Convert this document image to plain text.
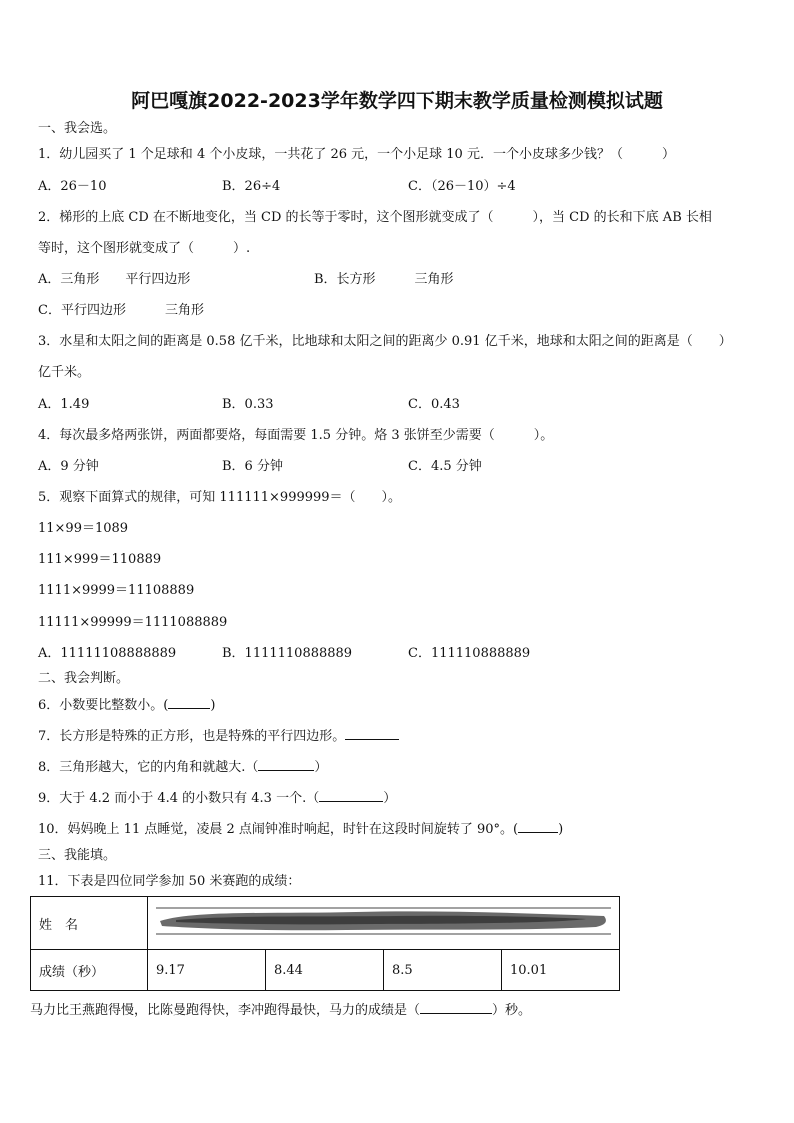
阿巴嘎旗2022-2023学年数学四下期末教学质量检测模拟试题
一、我会选。
1．幼儿园买了 1 个足球和 4 个小皮球，一共花了 26 元，一个小足球 10 元．一个小皮球多少钱？（　　　）
A．26－10	B．26÷4	C．（26－10）÷4
2．梯形的上底 CD 在不断地变化，当 CD 的长等于零时，这个图形就变成了（　　　），当 CD 的长和下底 AB 长相
等时，这个图形就变成了（　　　）.
A．三角形　　平行四边形	B．长方形　　　三角形
C．平行四边形　　　三角形
3．水星和太阳之间的距离是 0.58 亿千米，比地球和太阳之间的距离少 0.91 亿千米，地球和太阳之间的距离是（　　）
亿千米。
A．1.49	B．0.33	C．0.43
4．每次最多烙两张饼，两面都要烙，每面需要 1.5 分钟。烙 3 张饼至少需要（　　　）。
A．9 分钟	B．6 分钟	C．4.5 分钟
5．观察下面算式的规律，可知 111111×999999＝（　　）。
11×99＝1089
111×999＝110889
1111×9999＝11108889
11111×99999＝1111088889
A．11111108888889	B．1111110888889	C．111110888889
二、我会判断。
6．小数要比整数小。(	)
7．长方形是特殊的正方形，也是特殊的平行四边形。
8．三角形越大，它的内角和就越大.（	）
9．大于 4.2 而小于 4.4 的小数只有 4.3 一个.（	）
10．妈妈晚上 11 点睡觉，凌晨 2 点闹钟准时响起，时针在这段时间旋转了 90°。(	)
三、我能填。
11．下表是四位同学参加 50 米赛跑的成绩：
姓　名	
成绩（秒）	9.17	8.44	8.5	10.01
马力比王燕跑得慢，比陈曼跑得快，李冲跑得最快，马力的成绩是（	）秒。
